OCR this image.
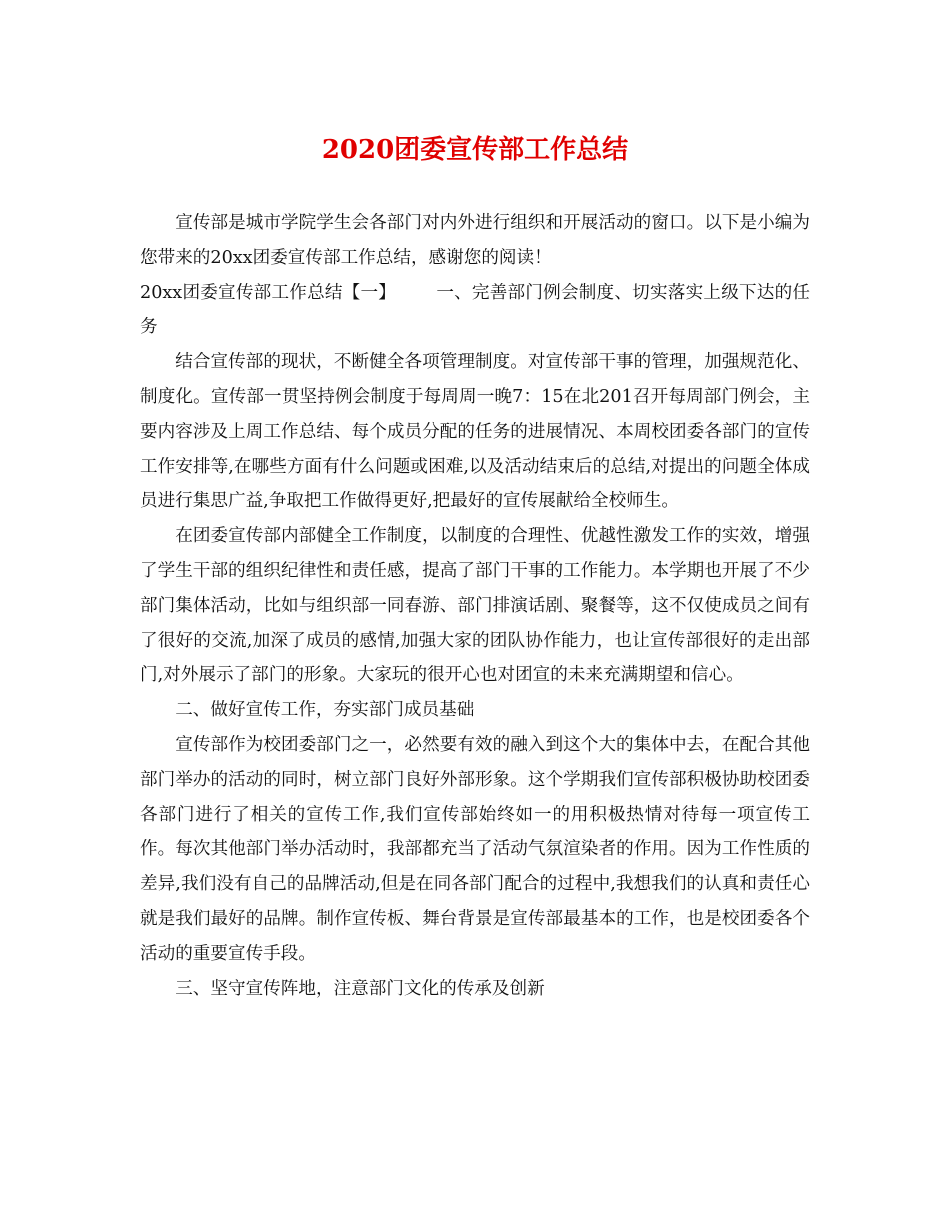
2020团委宣传部工作总结

宣传部是城市学院学生会各部门对内外进行组织和开展活动的窗口。以下是小编为您带来的20xx团委宣传部工作总结，感谢您的阅读！

20xx团委宣传部工作总结【一】 一、完善部门例会制度、切实落实上级下达的任务

结合宣传部的现状，不断健全各项管理制度。对宣传部干事的管理，加强规范化、制度化。宣传部一贯坚持例会制度于每周周一晚7：15在北201召开每周部门例会，主要内容涉及上周工作总结、每个成员分配的任务的进展情况、本周校团委各部门的宣传工作安排等,在哪些方面有什么问题或困难,以及活动结束后的总结,对提出的问题全体成员进行集思广益,争取把工作做得更好,把最好的宣传展献给全校师生。

在团委宣传部内部健全工作制度，以制度的合理性、优越性激发工作的实效，增强了学生干部的组织纪律性和责任感，提高了部门干事的工作能力。本学期也开展了不少部门集体活动，比如与组织部一同春游、部门排演话剧、聚餐等，这不仅使成员之间有了很好的交流,加深了成员的感情,加强大家的团队协作能力，也让宣传部很好的走出部门,对外展示了部门的形象。大家玩的很开心也对团宣的未来充满期望和信心。

二、做好宣传工作，夯实部门成员基础

宣传部作为校团委部门之一，必然要有效的融入到这个大的集体中去，在配合其他部门举办的活动的同时，树立部门良好外部形象。这个学期我们宣传部积极协助校团委各部门进行了相关的宣传工作,我们宣传部始终如一的用积极热情对待每一项宣传工作。每次其他部门举办活动时，我部都充当了活动气氛渲染者的作用。因为工作性质的差异,我们没有自己的品牌活动,但是在同各部门配合的过程中,我想我们的认真和责任心就是我们最好的品牌。制作宣传板、舞台背景是宣传部最基本的工作，也是校团委各个活动的重要宣传手段。

三、坚守宣传阵地，注意部门文化的传承及创新
